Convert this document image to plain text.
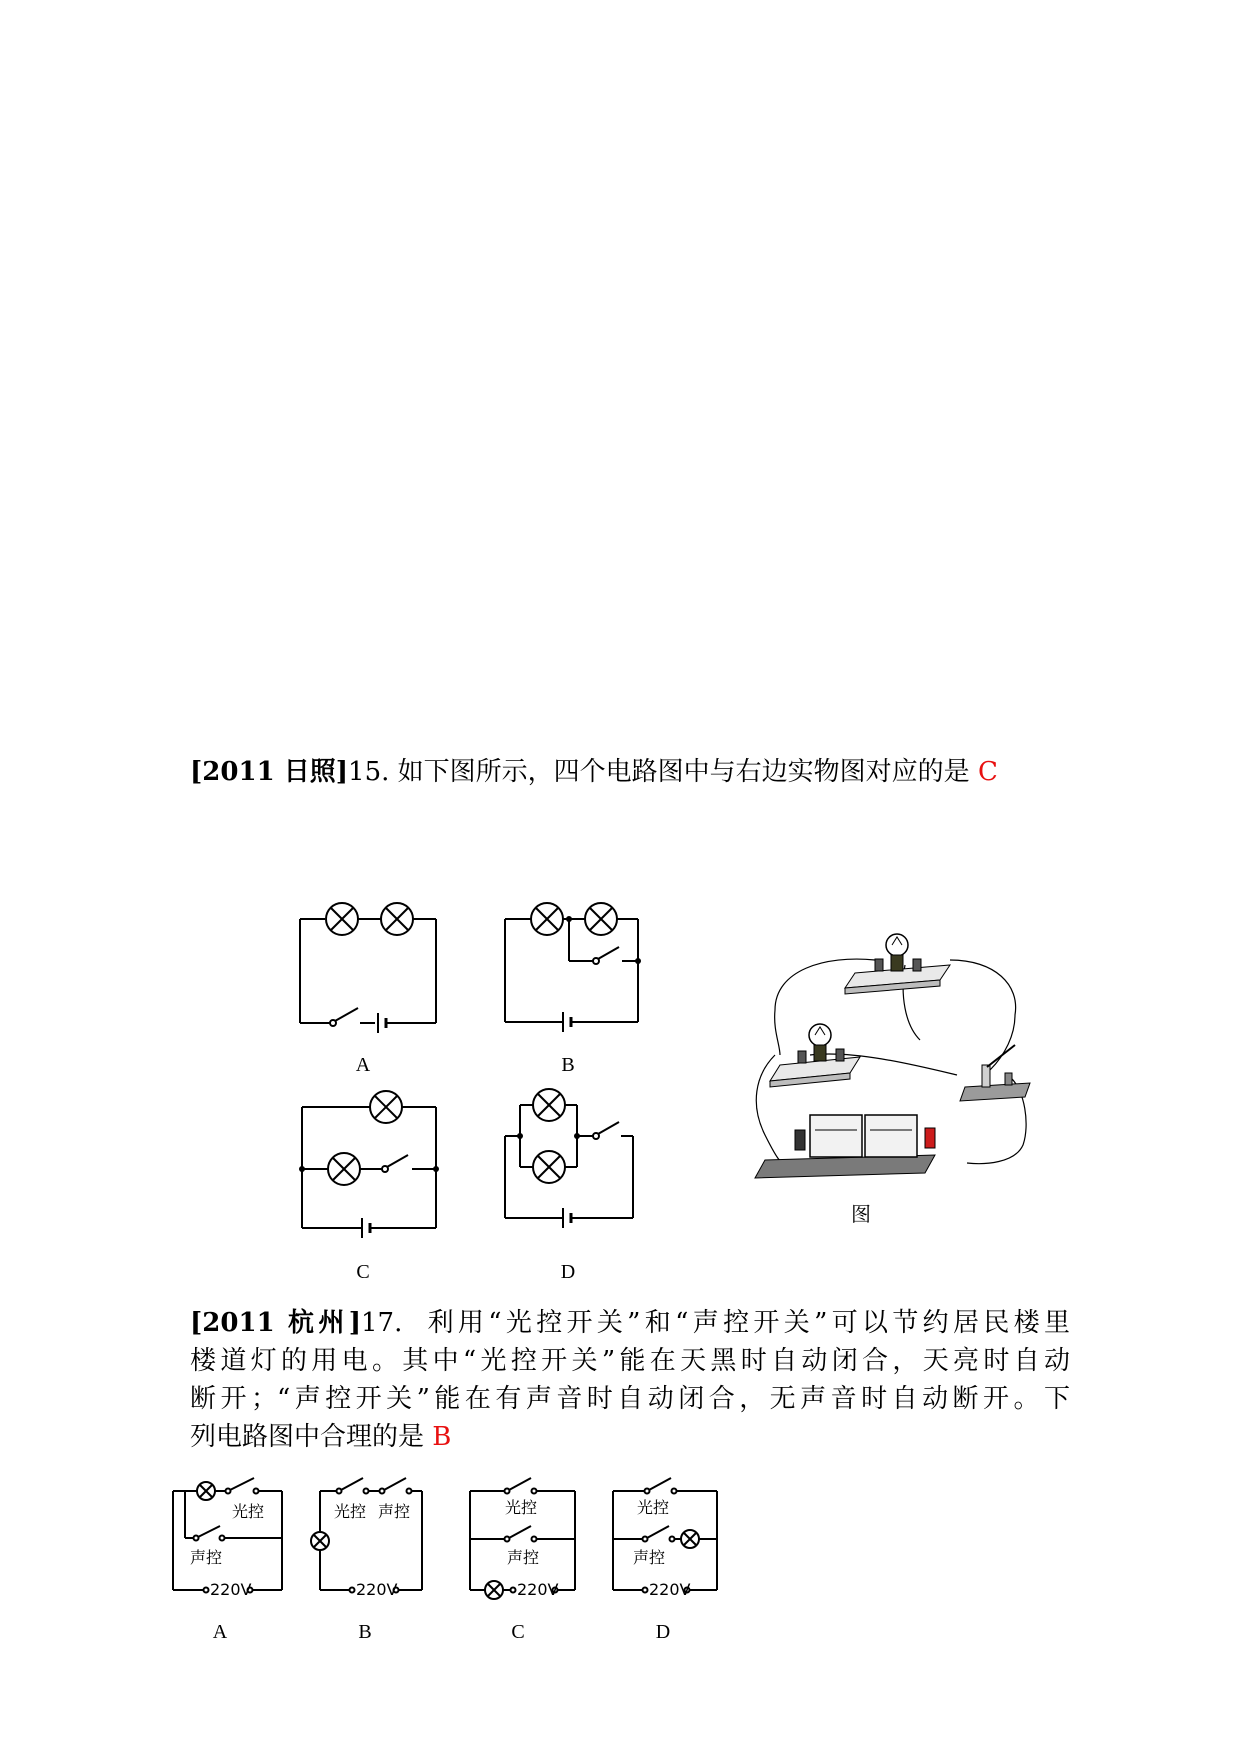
[2011 日照]15. 如下图所示，四个电路图中与右边实物图对应的是 C
A	B
C	D
图
[2011 杭州]17. 利用“光控开关”和“声控开关”可以节约居民楼里
楼道灯的用电。其中“光控开关”能在天黑时自动闭合，天亮时自动
断开；“声控开关”能在有声音时自动闭合，无声音时自动断开。下
列电路图中合理的是 B
光控
声控
220V
A
光控 声控
220V
B
光控
声控
220V
C
光控
声控
220V
D
